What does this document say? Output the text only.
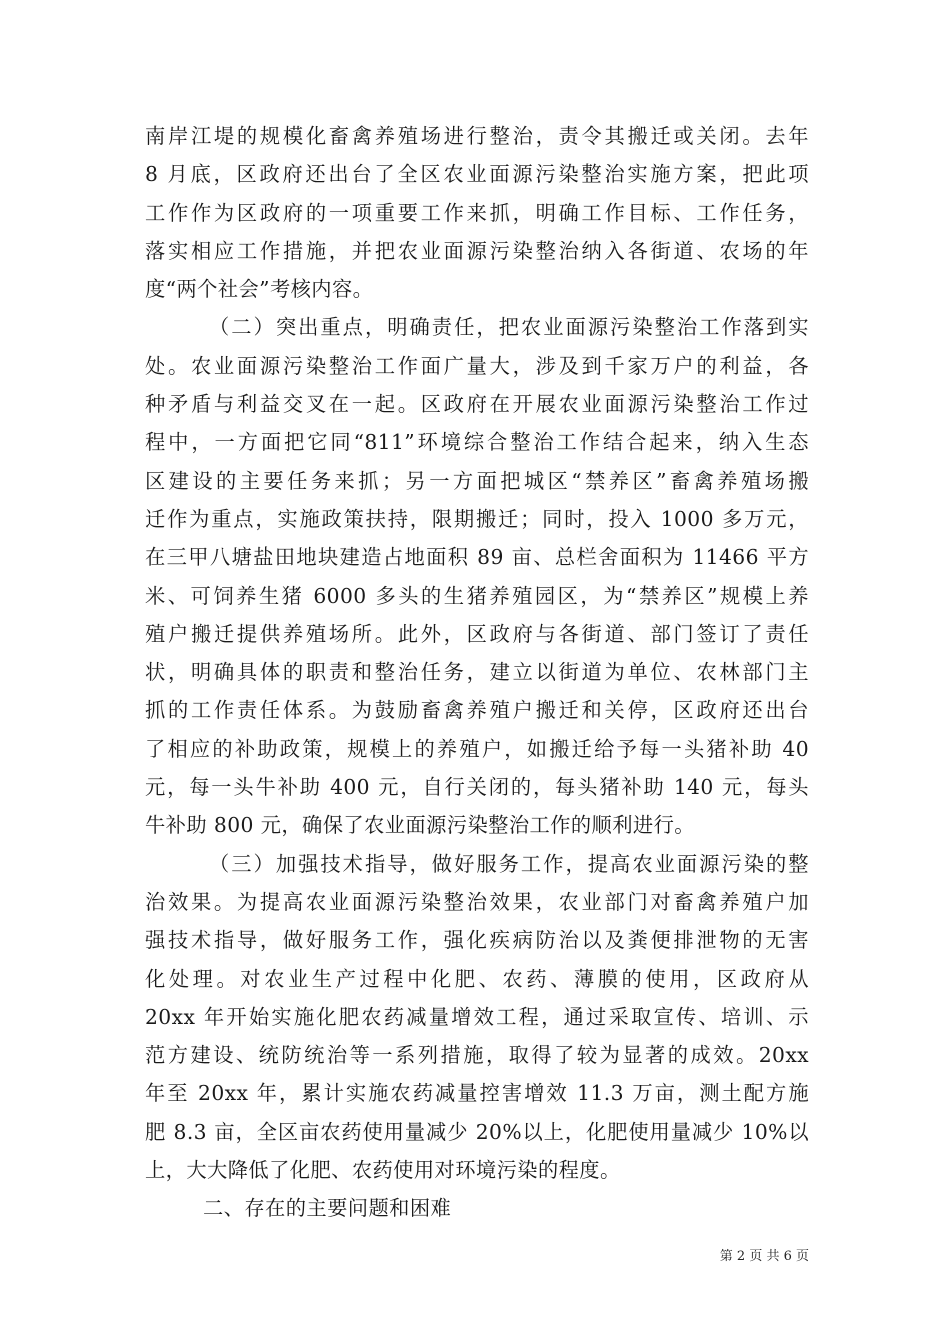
南岸江堤的规模化畜禽养殖场进行整治，责令其搬迁或关闭。去年
8 月底，区政府还出台了全区农业面源污染整治实施方案，把此项
工作作为区政府的一项重要工作来抓，明确工作目标、工作任务，
落实相应工作措施，并把农业面源污染整治纳入各街道、农场的年
度“两个社会”考核内容。
（二）突出重点，明确责任，把农业面源污染整治工作落到实
处。农业面源污染整治工作面广量大，涉及到千家万户的利益，各
种矛盾与利益交叉在一起。区政府在开展农业面源污染整治工作过
程中，一方面把它同“811”环境综合整治工作结合起来，纳入生态
区建设的主要任务来抓；另一方面把城区“禁养区”畜禽养殖场搬
迁作为重点，实施政策扶持，限期搬迁；同时，投入 1000 多万元，
在三甲八塘盐田地块建造占地面积 89 亩、总栏舍面积为 11466 平方
米、可饲养生猪 6000 多头的生猪养殖园区，为“禁养区”规模上养
殖户搬迁提供养殖场所。此外，区政府与各街道、部门签订了责任
状，明确具体的职责和整治任务，建立以街道为单位、农林部门主
抓的工作责任体系。为鼓励畜禽养殖户搬迁和关停，区政府还出台
了相应的补助政策，规模上的养殖户，如搬迁给予每一头猪补助 40
元，每一头牛补助 400 元，自行关闭的，每头猪补助 140 元，每头
牛补助 800 元，确保了农业面源污染整治工作的顺利进行。
（三）加强技术指导，做好服务工作，提高农业面源污染的整
治效果。为提高农业面源污染整治效果，农业部门对畜禽养殖户加
强技术指导，做好服务工作，强化疾病防治以及粪便排泄物的无害
化处理。对农业生产过程中化肥、农药、薄膜的使用，区政府从
20xx 年开始实施化肥农药减量增效工程，通过采取宣传、培训、示
范方建设、统防统治等一系列措施，取得了较为显著的成效。20xx
年至 20xx 年，累计实施农药减量控害增效 11.3 万亩，测土配方施
肥 8.3 亩，全区亩农药使用量减少 20%以上，化肥使用量减少 10%以
上，大大降低了化肥、农药使用对环境污染的程度。
二、存在的主要问题和困难
第 2 页 共 6 页
